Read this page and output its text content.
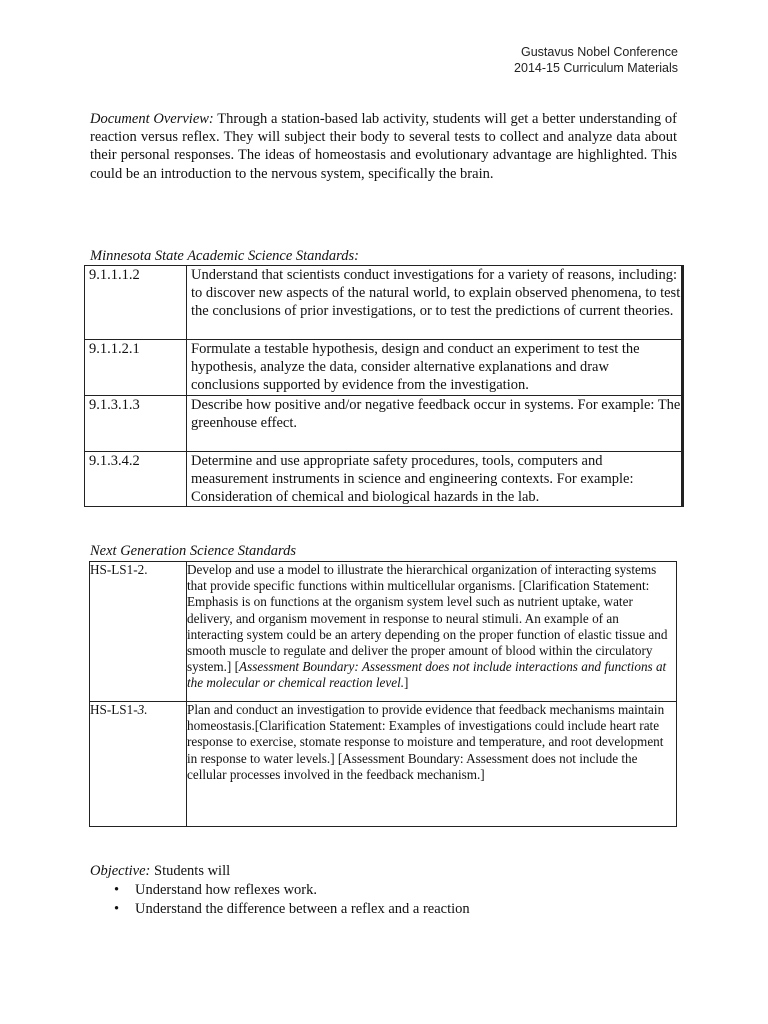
Gustavus Nobel Conference
2014-15 Curriculum Materials
Document Overview: Through a station-based lab activity, students will get a better understanding of reaction versus reflex. They will subject their body to several tests to collect and analyze data about their personal responses. The ideas of homeostasis and evolutionary advantage are highlighted. This could be an introduction to the nervous system, specifically the brain.
Minnesota State Academic Science Standards:
9.1.1.1.2	Understand that scientists conduct investigations for a variety of reasons, including: to discover new aspects of the natural world, to explain observed phenomena, to test the conclusions of prior investigations, or to test the predictions of current theories.
9.1.1.2.1	Formulate a testable hypothesis, design and conduct an experiment to test the hypothesis, analyze the data, consider alternative explanations and draw conclusions supported by evidence from the investigation.
9.1.3.1.3	Describe how positive and/or negative feedback occur in systems. For example: The greenhouse effect.
9.1.3.4.2	Determine and use appropriate safety procedures, tools, computers and measurement instruments in science and engineering contexts. For example: Consideration of chemical and biological hazards in the lab.
Next Generation Science Standards
HS-LS1-2.	Develop and use a model to illustrate the hierarchical organization of interacting systems that provide specific functions within multicellular organisms. [Clarification Statement: Emphasis is on functions at the organism system level such as nutrient uptake, water delivery, and organism movement in response to neural stimuli. An example of an interacting system could be an artery depending on the proper function of elastic tissue and smooth muscle to regulate and deliver the proper amount of blood within the circulatory system.] [Assessment Boundary: Assessment does not include interactions and functions at the molecular or chemical reaction level.]
HS-LS1-3.	Plan and conduct an investigation to provide evidence that feedback mechanisms maintain homeostasis.[Clarification Statement: Examples of investigations could include heart rate response to exercise, stomate response to moisture and temperature, and root development in response to water levels.] [Assessment Boundary: Assessment does not include the cellular processes involved in the feedback mechanism.]
Objective: Students will
• Understand how reflexes work.
• Understand the difference between a reflex and a reaction
